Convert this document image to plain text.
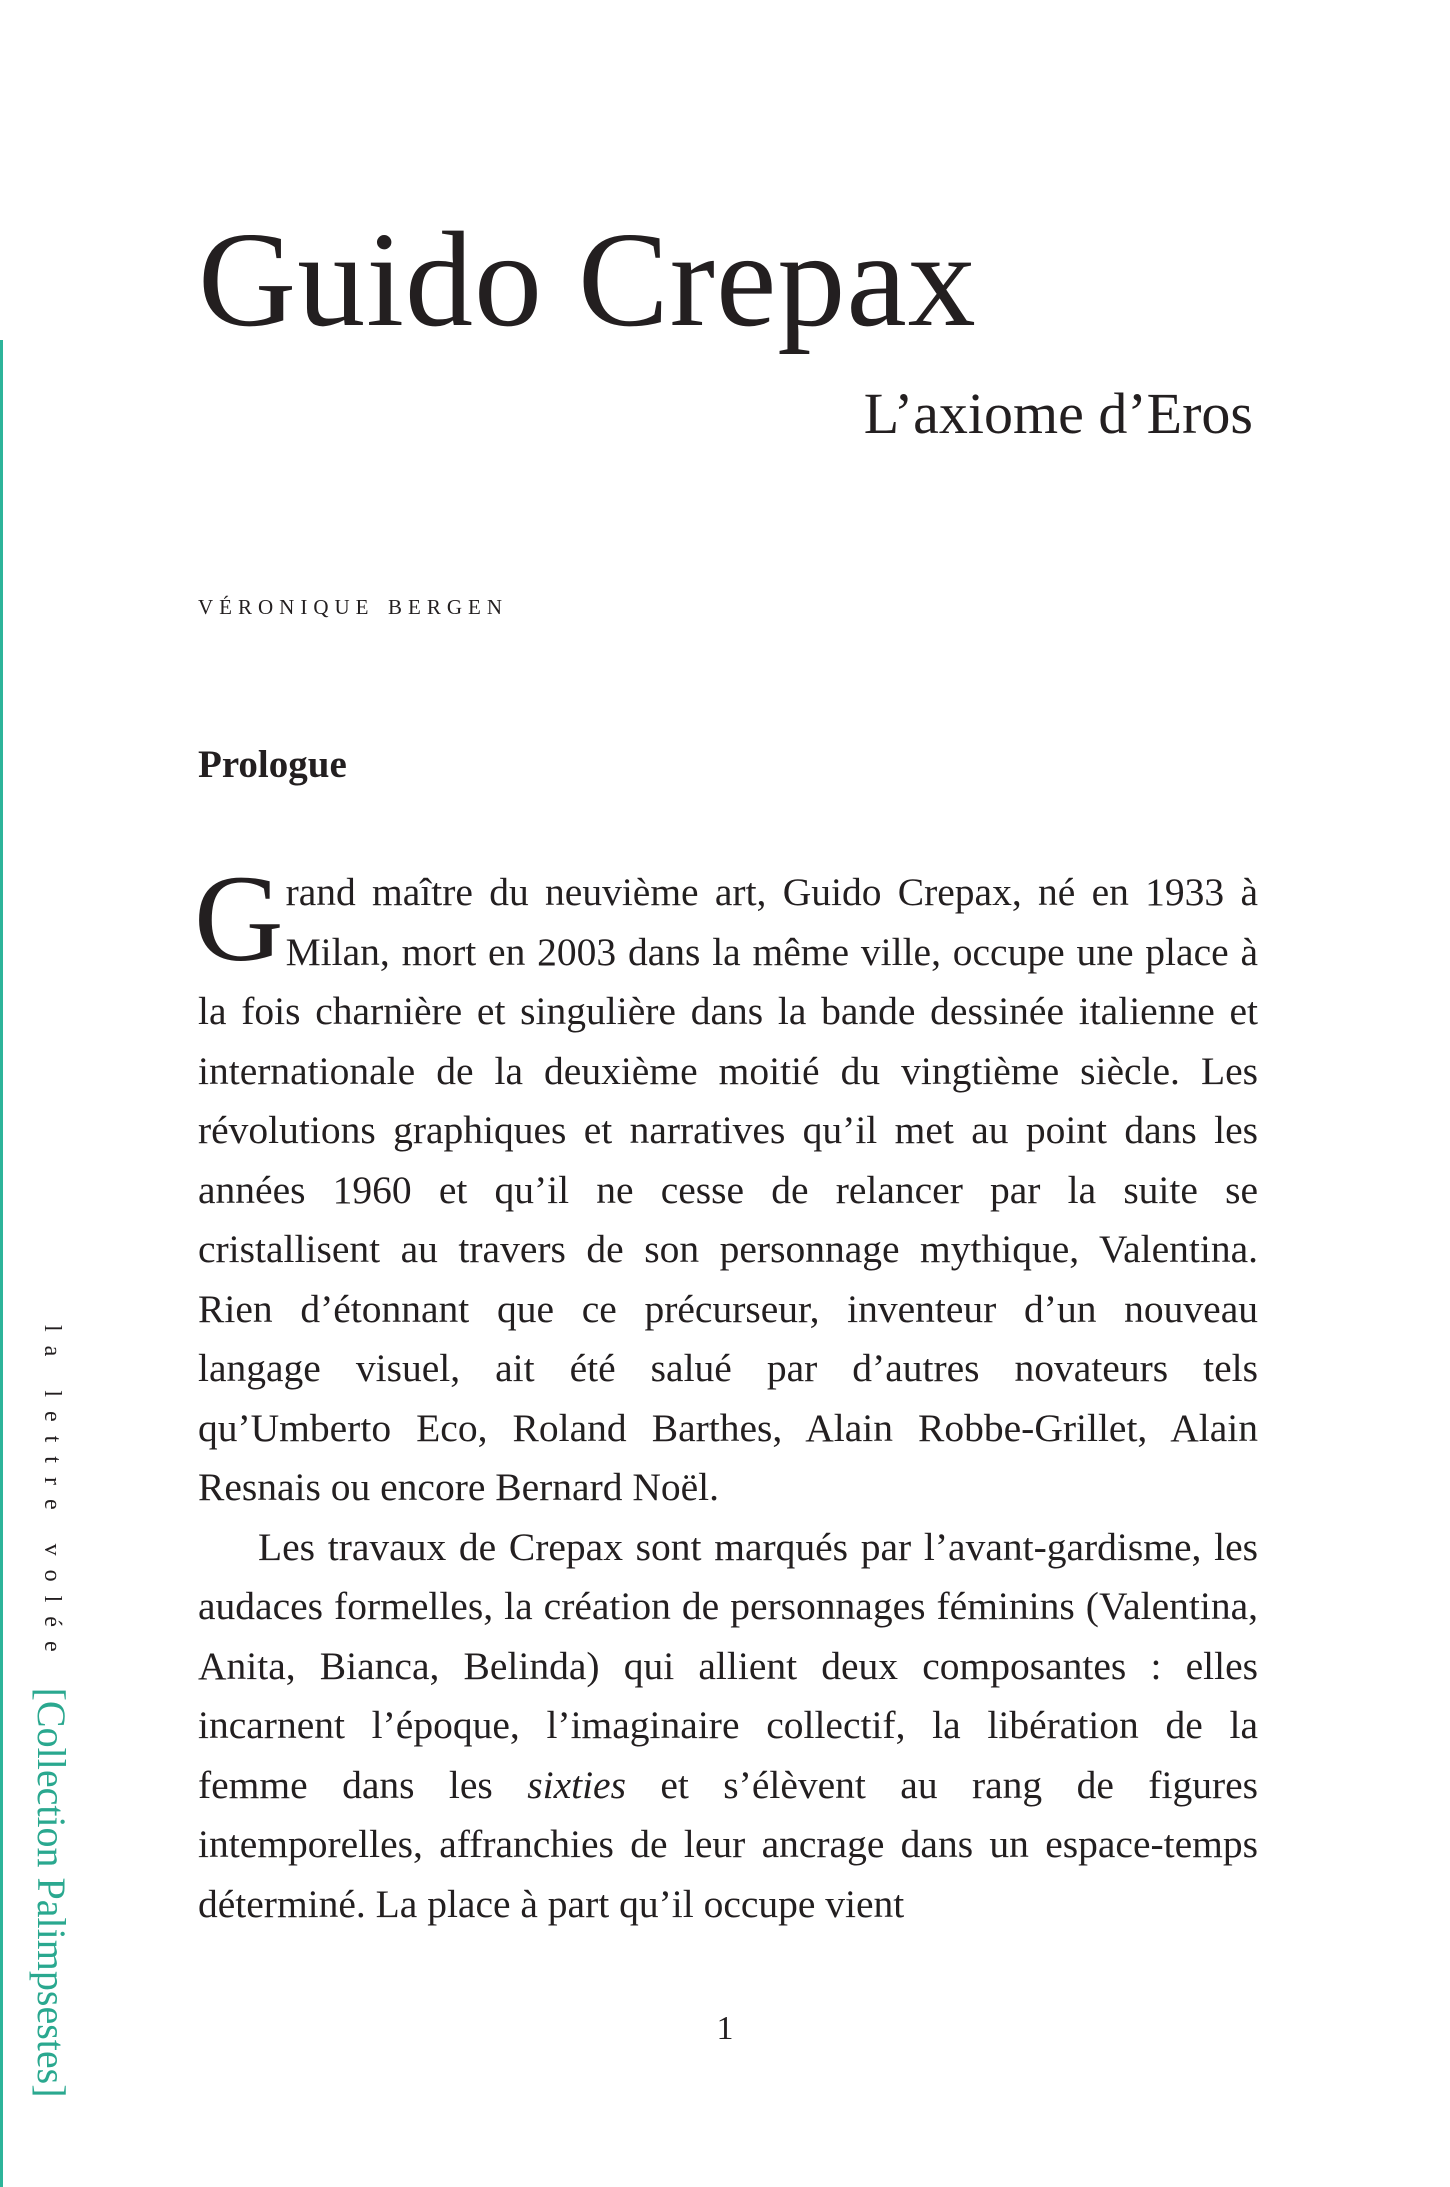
Guido Crepax
L’axiome d’Eros
véronique bergen
Prologue

Grand maître du neuvième art, Guido Crepax, né en 1933 à Milan, mort en 2003 dans la même ville, occupe une place à la fois charnière et singulière dans la bande dessinée italienne et internationale de la deuxième moitié du vingtième siècle. Les révolutions graphiques et narratives qu’il met au point dans les années 1960 et qu’il ne cesse de relancer par la suite se cristallisent au travers de son personnage mythique, Valentina. Rien d’étonnant que ce précurseur, inventeur d’un nouveau langage visuel, ait été salué par d’autres novateurs tels qu’Umberto Eco, Roland Barthes, Alain Robbe-Grillet, Alain Resnais ou encore Bernard Noël.

Les travaux de Crepax sont marqués par l’avant-gardisme, les audaces formelles, la création de personnages féminins (Valentina, Anita, Bianca, Belinda) qui allient deux composantes : elles incarnent l’époque, l’imaginaire collectif, la libération de la femme dans les sixties et s’élèvent au rang de figures intemporelles, affranchies de leur ancrage dans un espace-temps déterminé. La place à part qu’il occupe vient

1
la lettre volée
[Collection Palimpsestes]
